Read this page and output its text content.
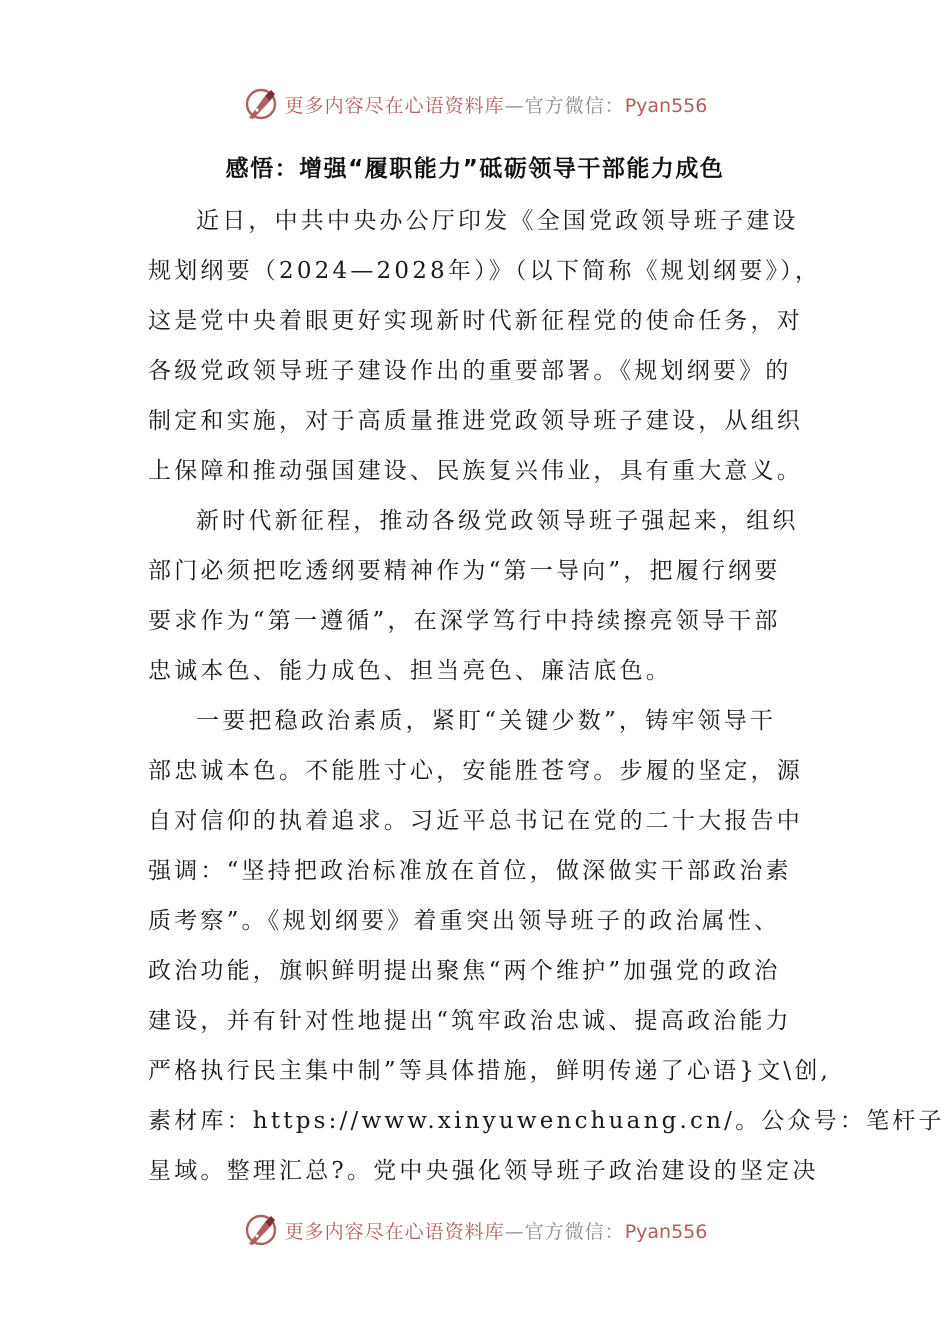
更多内容尽在心语资料库—官方微信：Pyan556
感悟：增强“履职能力”砥砺领导干部能力成色
近日，中共中央办公厅印发《全国党政领导班子建设
规划纲要（2024—2028年）》（以下简称《规划纲要》），
这是党中央着眼更好实现新时代新征程党的使命任务，对
各级党政领导班子建设作出的重要部署。《规划纲要》的
制定和实施，对于高质量推进党政领导班子建设，从组织
上保障和推动强国建设、民族复兴伟业，具有重大意义。
新时代新征程，推动各级党政领导班子强起来，组织
部门必须把吃透纲要精神作为“第一导向”，把履行纲要
要求作为“第一遵循”，在深学笃行中持续擦亮领导干部
忠诚本色、能力成色、担当亮色、廉洁底色。
一要把稳政治素质，紧盯“关键少数”，铸牢领导干
部忠诚本色。不能胜寸心，安能胜苍穹。步履的坚定，源
自对信仰的执着追求。习近平总书记在党的二十大报告中
强调：“坚持把政治标准放在首位，做深做实干部政治素
质考察”。《规划纲要》着重突出领导班子的政治属性、
政治功能，旗帜鲜明提出聚焦“两个维护”加强党的政治
建设，并有针对性地提出“筑牢政治忠诚、提高政治能力
严格执行民主集中制”等具体措施，鲜明传递了心语}文\创,
素材库：https://www.xinyuwenchuang.cn/。公众号：笔杆子
星域。整理汇总?。党中央强化领导班子政治建设的坚定决
更多内容尽在心语资料库—官方微信：Pyan556
